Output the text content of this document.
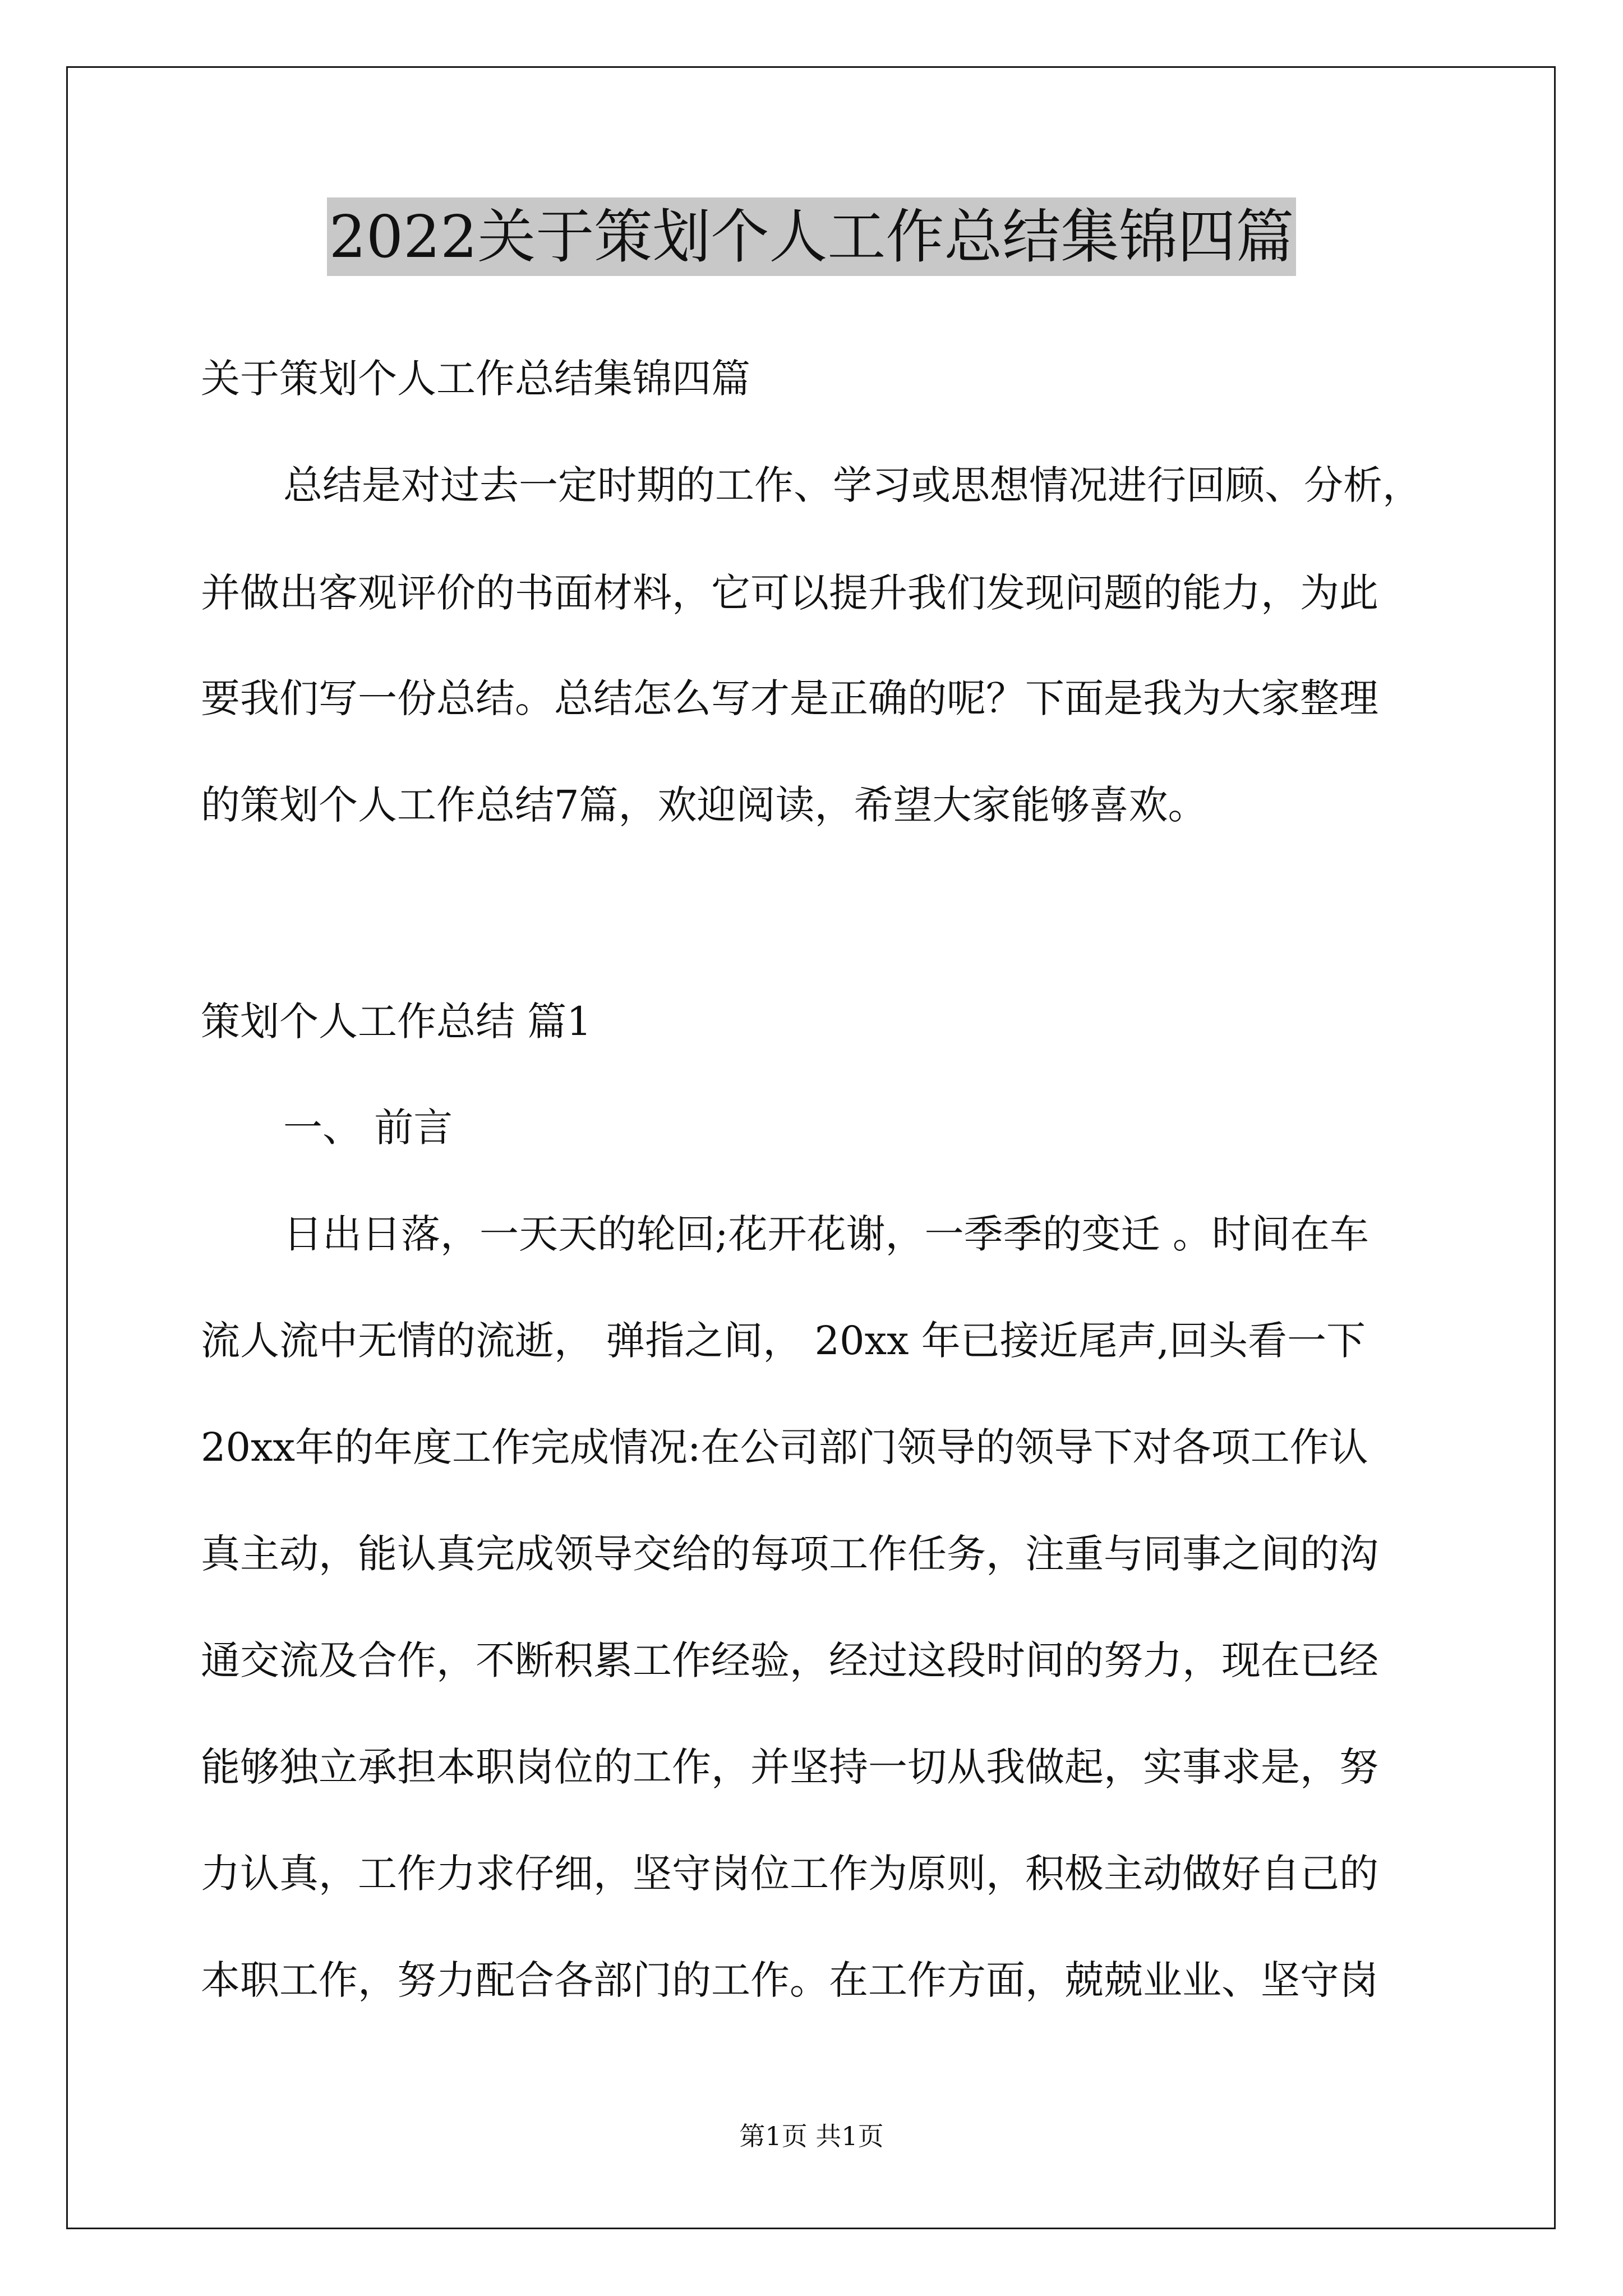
2022关于策划个人工作总结集锦四篇
关于策划个人工作总结集锦四篇
总结是对过去一定时期的工作、学习或思想情况进行回顾、分析，
并做出客观评价的书面材料，它可以提升我们发现问题的能力，为此
要我们写一份总结。总结怎么写才是正确的呢？下面是我为大家整理
的策划个人工作总结7篇，欢迎阅读，希望大家能够喜欢。
策划个人工作总结 篇1
一、 前言
日出日落，一天天的轮回;花开花谢，一季季的变迁 。时间在车
流人流中无情的流逝， 弹指之间， 20xx 年已接近尾声,回头看一下
20xx年的年度工作完成情况:在公司部门领导的领导下对各项工作认
真主动，能认真完成领导交给的每项工作任务，注重与同事之间的沟
通交流及合作，不断积累工作经验，经过这段时间的努力，现在已经
能够独立承担本职岗位的工作，并坚持一切从我做起，实事求是，努
力认真，工作力求仔细，坚守岗位工作为原则，积极主动做好自己的
本职工作，努力配合各部门的工作。在工作方面，兢兢业业、坚守岗
第1页 共1页
